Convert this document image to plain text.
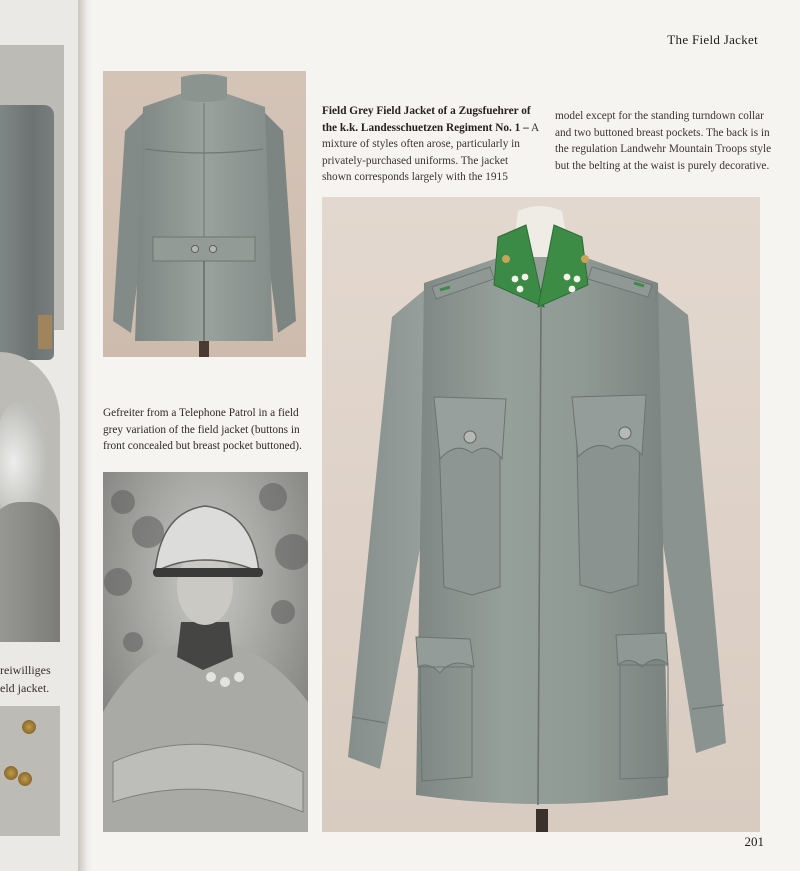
reiwilliges
eld jacket.
The Field Jacket
Field Grey Field Jacket of a Zugsfuehrer of the k.k. Landesschuetzen Regiment No. 1 – A mixture of styles often arose, particularly in privately-purchased uniforms. The jacket shown corresponds largely with the 1915
model except for the standing turndown collar and two buttoned breast pockets. The back is in the regulation Landwehr Mountain Troops style but the belting at the waist is purely decorative.
Gefreiter from a Telephone Patrol in a field grey variation of the field jacket (buttons in front concealed but breast pocket buttoned).
201
